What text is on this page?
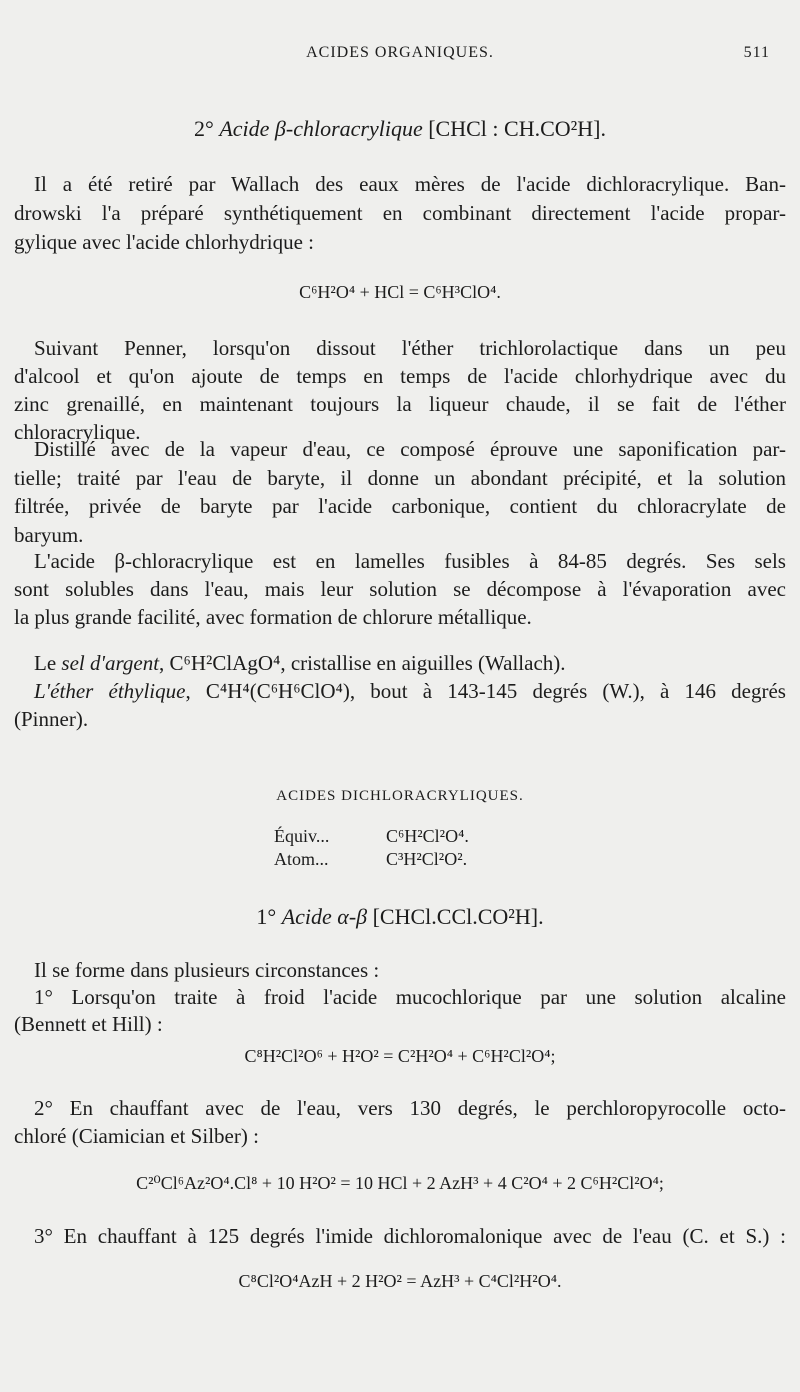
ACIDES ORGANIQUES.	511
2° Acide β-chloracrylique [CHCl : CH.CO²H].
Il a été retiré par Wallach des eaux mères de l'acide dichloracrylique. Ban-
drowski l'a préparé synthétiquement en combinant directement l'acide propar-
gylique avec l'acide chlorhydrique :
C⁶H²O⁴ + HCl = C⁶H³ClO⁴.
Suivant Penner, lorsqu'on dissout l'éther trichlorolactique dans un peu
d'alcool et qu'on ajoute de temps en temps de l'acide chlorhydrique avec du
zinc grenaillé, en maintenant toujours la liqueur chaude, il se fait de l'éther
chloracrylique.
Distillé avec de la vapeur d'eau, ce composé éprouve une saponification par-
tielle; traité par l'eau de baryte, il donne un abondant précipité, et la solution
filtrée, privée de baryte par l'acide carbonique, contient du chloracrylate de
baryum.
L'acide β-chloracrylique est en lamelles fusibles à 84-85 degrés. Ses sels
sont solubles dans l'eau, mais leur solution se décompose à l'évaporation avec
la plus grande facilité, avec formation de chlorure métallique.
Le sel d'argent, C⁶H²ClAgO⁴, cristallise en aiguilles (Wallach).
L'éther éthylique, C⁴H⁴(C⁶H⁶ClO⁴), bout à 143-145 degrés (W.), à 146 degrés
(Pinner).
ACIDES DICHLORACRYLIQUES.
Équiv...	C⁶H²Cl²O⁴.
Atom...	C³H²Cl²O².
1° Acide α-β [CHCl.CCl.CO²H].
Il se forme dans plusieurs circonstances :
1° Lorsqu'on traite à froid l'acide mucochlorique par une solution alcaline
(Bennett et Hill) :
C⁸H²Cl²O⁶ + H²O² = C²H²O⁴ + C⁶H²Cl²O⁴;
2° En chauffant avec de l'eau, vers 130 degrés, le perchloropyrocolle octo-
chloré (Ciamician et Silber) :
C²⁰Cl⁶Az²O⁴.Cl⁸ + 10 H²O² = 10 HCl + 2 AzH³ + 4 C²O⁴ + 2 C⁶H²Cl²O⁴;
3° En chauffant à 125 degrés l'imide dichloromalonique avec de l'eau (C. et S.) :
C⁸Cl²O⁴AzH + 2 H²O² = AzH³ + C⁴Cl²H²O⁴.
